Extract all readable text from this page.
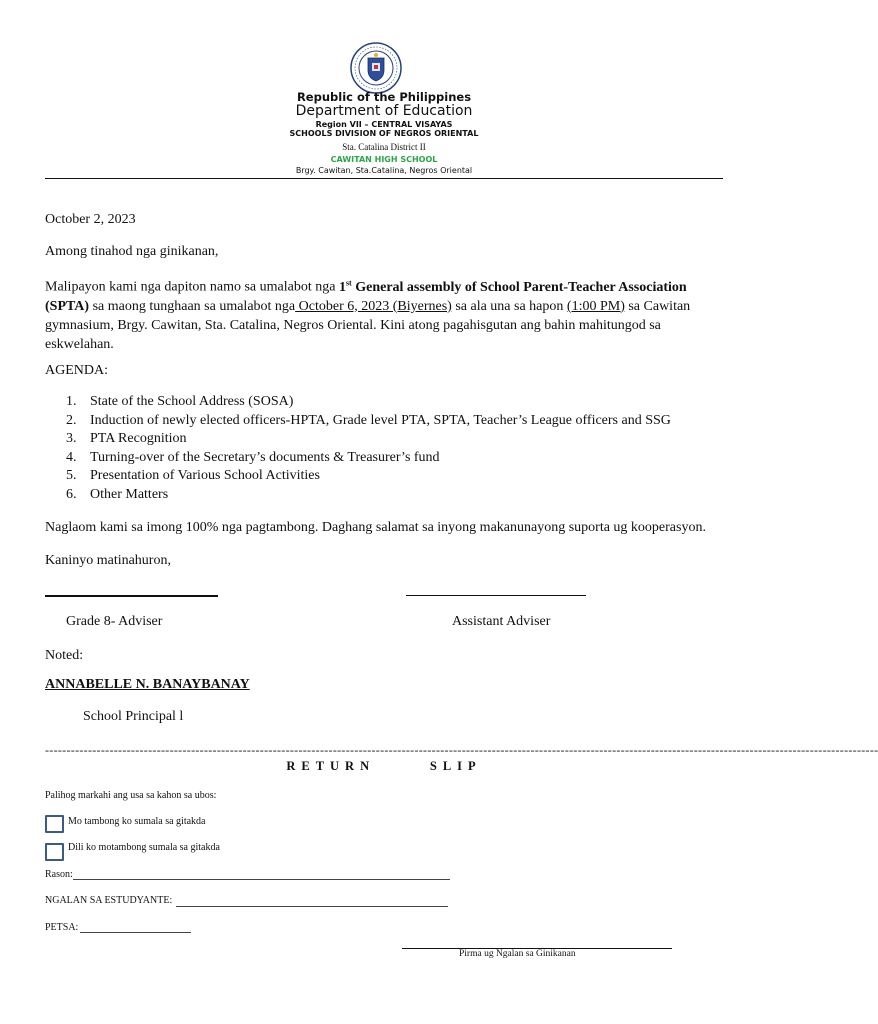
Republic of the Philippines
Department of Education
Region VII – CENTRAL VISAYAS
SCHOOLS DIVISION OF NEGROS ORIENTAL
Sta. Catalina District II
CAWITAN HIGH SCHOOL
Brgy. Cawitan, Sta.Catalina, Negros Oriental
October 2, 2023
Among tinahod nga ginikanan,
Malipayon kami nga dapiton namo sa umalabot nga 1st General assembly of School Parent-Teacher Association
(SPTA) sa maong tunghaan sa umalabot nga October 6, 2023 (Biyernes) sa ala una sa hapon (1:00 PM) sa Cawitan
gymnasium, Brgy. Cawitan, Sta. Catalina, Negros Oriental. Kini atong pagahisgutan ang bahin mahitungod sa
eskwelahan.
AGENDA:
1. State of the School Address (SOSA)
2. Induction of newly elected officers-HPTA, Grade level PTA, SPTA, Teacher’s League officers and SSG
3. PTA Recognition
4. Turning-over of the Secretary’s documents & Treasurer’s fund
5. Presentation of Various School Activities
6. Other Matters
Naglaom kami sa imong 100% nga pagtambong. Daghang salamat sa inyong makanunayong suporta ug kooperasyon.
Kaninyo matinahuron,
Grade 8- Adviser	Assistant Adviser
Noted:
ANNABELLE N. BANAYBANAY
School Principal l
--------------------------------------------------------------------------------------------------------------------------------------------------------------------------------------------------
RETURN      SLIP
Palihog markahi ang usa sa kahon sa ubos:
Mo tambong ko sumala sa gitakda
Dili ko motambong sumala sa gitakda
Rason:
NGALAN SA ESTUDYANTE:
PETSA:
Pirma ug Ngalan sa Ginikanan
